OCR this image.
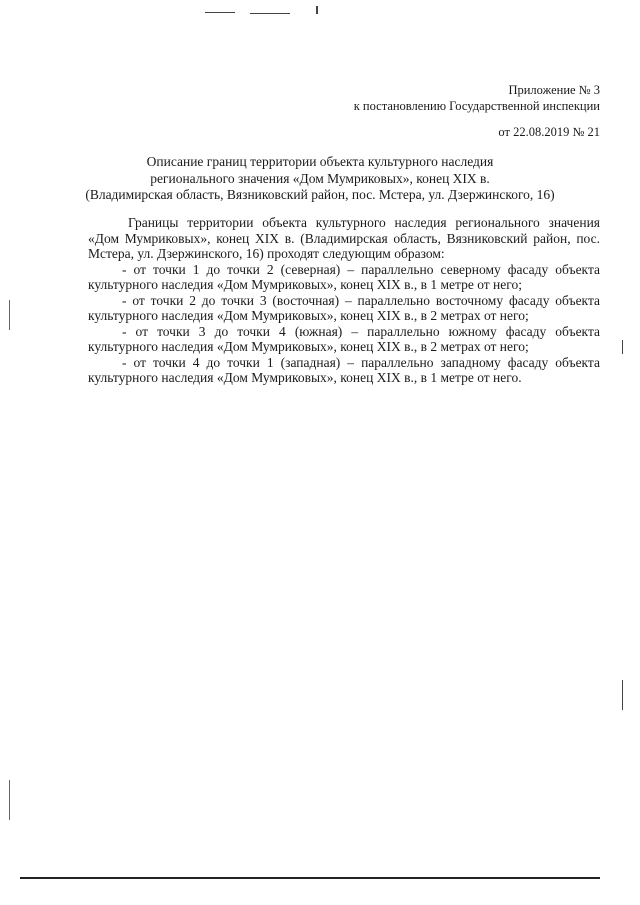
Приложение № 3
к постановлению Государственной инспекции
от 22.08.2019 № 21
Описание границ территории объекта культурного наследия
регионального значения «Дом Мумриковых», конец XIX в.
(Владимирская область, Вязниковский район, пос. Мстера, ул. Дзержинского, 16)

Границы территории объекта культурного наследия регионального значения «Дом Мумриковых», конец XIX в. (Владимирская область, Вязниковский район, пос. Мстера, ул. Дзержинского, 16) проходят следующим образом:

- от точки 1 до точки 2 (северная) – параллельно северному фасаду объекта культурного наследия «Дом Мумриковых», конец XIX в., в 1 метре от него;

- от точки 2 до точки 3 (восточная) – параллельно восточному фасаду объекта культурного наследия «Дом Мумриковых», конец XIX в., в 2 метрах от него;

- от точки 3 до точки 4 (южная) – параллельно южному фасаду объекта культурного наследия «Дом Мумриковых», конец XIX в., в 2 метрах от него;

- от точки 4 до точки 1 (западная) – параллельно западному фасаду объекта культурного наследия «Дом Мумриковых», конец XIX в., в 1 метре от него.
